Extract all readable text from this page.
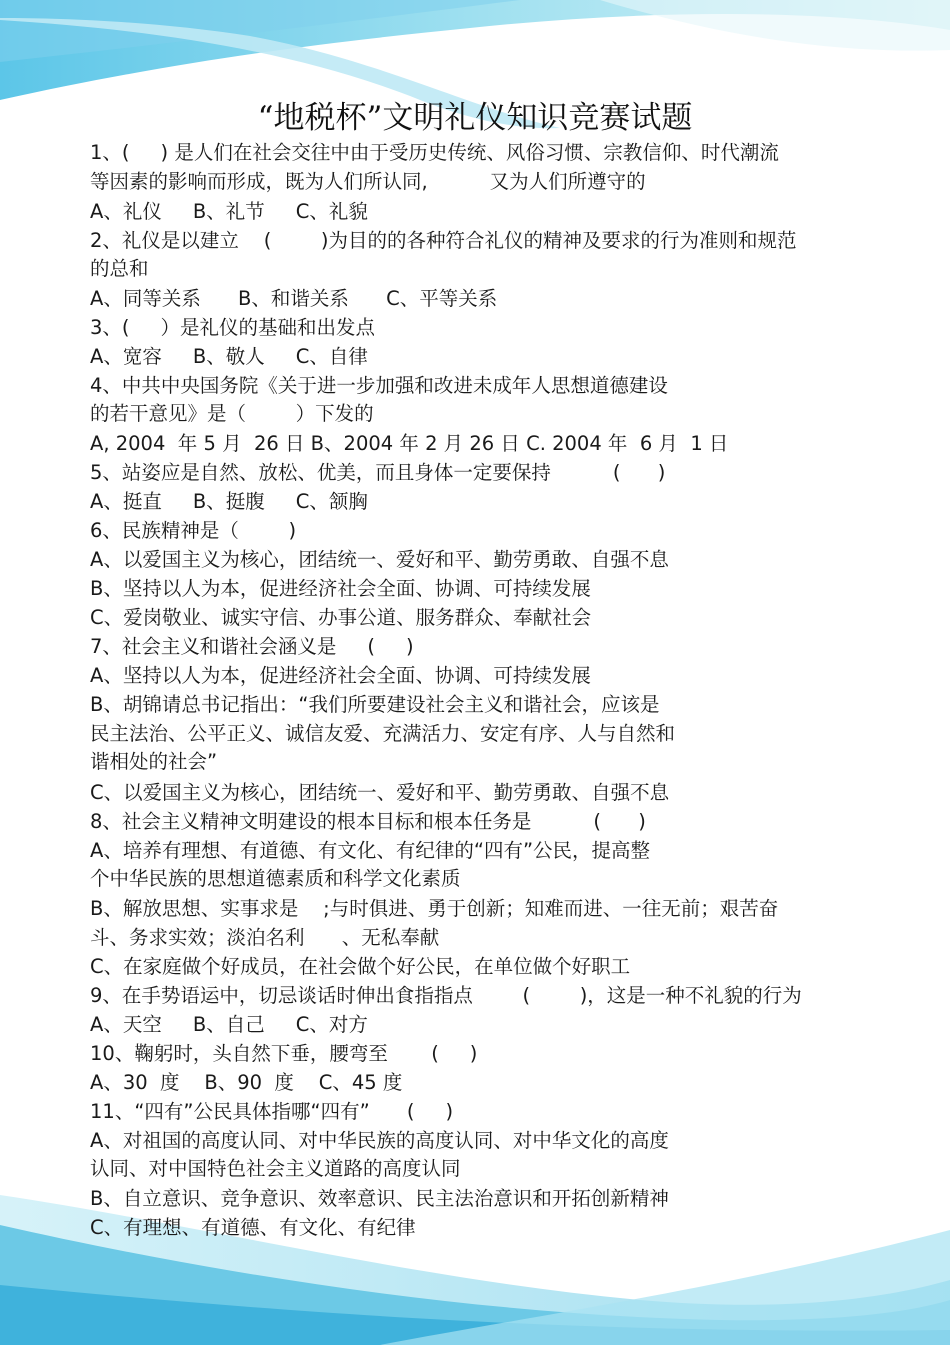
“地税杯”文明礼仪知识竞赛试题

1、(     ) 是人们在社会交往中由于受历史传统、风俗习惯、宗教信仰、时代潮流

等因素的影响而形成，既为人们所认同,          又为人们所遵守的

A、礼仪     B、礼节     C、礼貌

2、礼仪是以建立    (        )为目的的各种符合礼仪的精神及要求的行为准则和规范

的总和

A、同等关系      B、和谐关系      C、平等关系

3、(     ）是礼仪的基础和出发点

A、宽容     B、敬人     C、自律

4、中共中央国务院《关于进一步加强和改进未成年人思想道德建设

的若干意见》是（        ）下发的

A, 2004  年 5 月  26 日 B、2004 年 2 月 26 日 C. 2004 年  6 月  1 日

5、站姿应是自然、放松、优美，而且身体一定要保持          (      )

A、挺直     B、挺腹     C、颔胸

6、民族精神是（        )

A、以爱国主义为核心，团结统一、爱好和平、勤劳勇敢、自强不息

B、坚持以人为本，促进经济社会全面、协调、可持续发展

C、爱岗敬业、诚实守信、办事公道、服务群众、奉献社会

7、社会主义和谐社会涵义是     (     )

A、坚持以人为本，促进经济社会全面、协调、可持续发展

B、胡锦请总书记指出：“我们所要建设社会主义和谐社会，应该是

民主法治、公平正义、诚信友爱、充满活力、安定有序、人与自然和

谐相处的社会”

C、以爱国主义为核心，团结统一、爱好和平、勤劳勇敢、自强不息

8、社会主义精神文明建设的根本目标和根本任务是          (      )

A、培养有理想、有道德、有文化、有纪律的“四有”公民，提高整

个中华民族的思想道德素质和科学文化素质

B、解放思想、实事求是    ;与时俱进、勇于创新；知难而进、一往无前；艰苦奋

斗、务求实效；淡泊名利      、无私奉献

C、在家庭做个好成员，在社会做个好公民，在单位做个好职工

9、在手势语运中，切忌谈话时伸出食指指点        (        )，这是一种不礼貌的行为

A、天空     B、自己     C、对方

10、鞠躬时，头自然下垂，腰弯至       (     )

A、30  度    B、90  度    C、45 度

11、“四有”公民具体指哪“四有”      (     )

A、对祖国的高度认同、对中华民族的高度认同、对中华文化的高度

认同、对中国特色社会主义道路的高度认同

B、自立意识、竞争意识、效率意识、民主法治意识和开拓创新精神

C、有理想、有道德、有文化、有纪律
